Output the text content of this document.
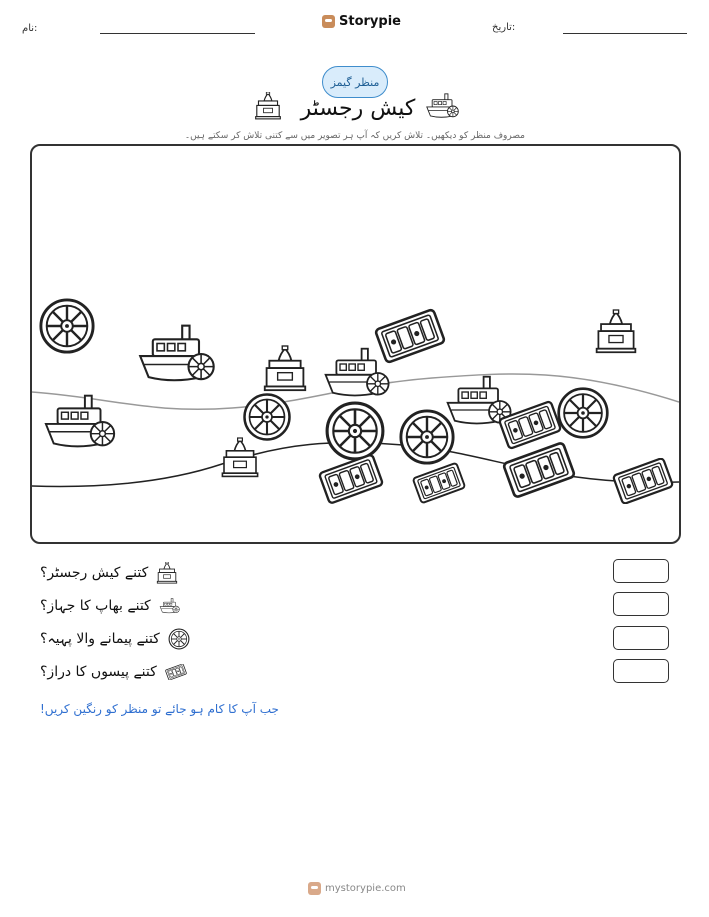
نام:	Storypie	تاریخ:
منظر گیمز
کیش رجسٹر
مصروف منظر کو دیکھیں۔ تلاش کریں کہ آپ ہر تصویر میں سے کتنی تلاش کر سکتے ہیں۔
کتنے کیش رجسٹر؟
کتنے بھاپ کا جہاز؟
کتنے پیمانے والا پہیہ؟
کتنے پیسوں کا دراز؟
جب آپ کا کام ہو جائے تو منظر کو رنگین کریں!
mystorypie.com
